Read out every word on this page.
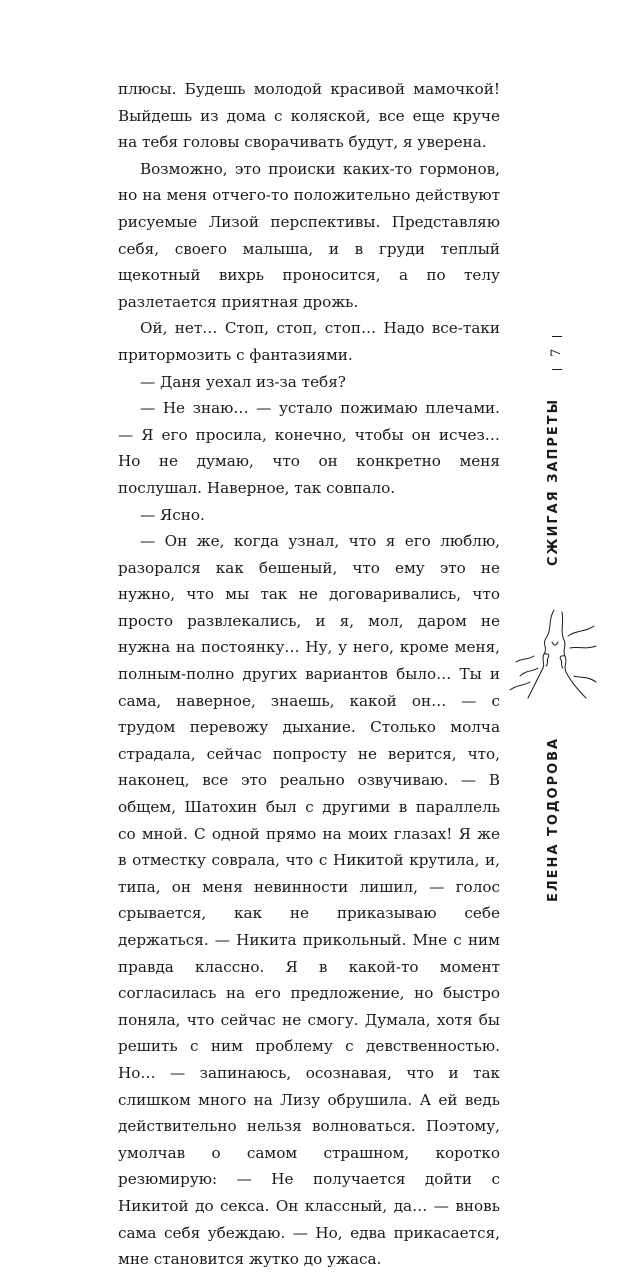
плюсы. Будешь молодой красивой мамочкой! Выйдешь из дома с коляской, все еще круче на тебя головы сворачивать будут, я уверена.

Возможно, это происки каких-то гормонов, но на меня отчего-то положительно действуют рисуемые Лизой перспективы. Представляю себя, своего малыша, и в груди теплый щекотный вихрь проносится, а по телу разлетается приятная дрожь.

Ой, нет… Стоп, стоп, стоп… Надо все-таки притормозить с фантазиями.

— Даня уехал из-за тебя?

— Не знаю… — устало пожимаю плечами. — Я его просила, конечно, чтобы он исчез… Но не думаю, что он конкретно меня послушал. Наверное, так совпало.

— Ясно.

— Он же, когда узнал, что я его люблю, разорался как бешеный, что ему это не нужно, что мы так не договаривались, что просто развлекались, и я, мол, даром не нужна на постоянку… Ну, у него, кроме меня, полным-полно других вариантов было… Ты и сама, наверное, знаешь, какой он… — с трудом перевожу дыхание. Столько молча страдала, сейчас попросту не верится, что, наконец, все это реально озвучиваю. — В общем, Шатохин был с другими в параллель со мной. С одной прямо на моих глазах! Я же в отместку соврала, что с Никитой крутила, и, типа, он меня невинности лишил, — голос срывается, как не приказываю себе держаться. — Никита прикольный. Мне с ним правда классно. Я в какой-то момент согласилась на его предложение, но быстро поняла, что сейчас не смогу. Думала, хотя бы решить с ним проблему с девственностью. Но… — запинаюсь, осознавая, что и так слишком много на Лизу обрушила. А ей ведь действительно нельзя волноваться. Поэтому, умолчав о самом страшном, коротко резюмирую: — Не получается дойти с Никитой до секса. Он классный, да… — вновь сама себя убеждаю. — Но, едва прикасается, мне становится жутко до ужаса.

7
СЖИГАЯ ЗАПРЕТЫ
ЕЛЕНА ТОДОРОВА
